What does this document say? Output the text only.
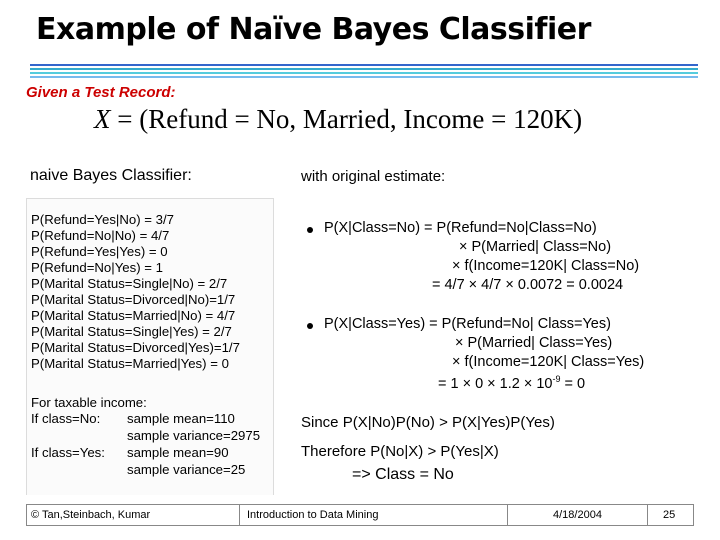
Example of Naïve Bayes Classifier
Given a Test Record:
X = (Refund = No, Married, Income = 120K)
naive Bayes Classifier:
P(Refund=Yes|No) = 3/7
P(Refund=No|No) = 4/7
P(Refund=Yes|Yes) = 0
P(Refund=No|Yes) = 1
P(Marital Status=Single|No) = 2/7
P(Marital Status=Divorced|No)=1/7
P(Marital Status=Married|No) = 4/7
P(Marital Status=Single|Yes) = 2/7
P(Marital Status=Divorced|Yes)=1/7
P(Marital Status=Married|Yes) = 0
For taxable income:
If class=No: sample mean=110
sample variance=2975
If class=Yes: sample mean=90
sample variance=25
with original estimate:
P(X|Class=No) = P(Refund=No|Class=No)
× P(Married| Class=No)
× f(Income=120K| Class=No)
= 4/7 × 4/7 × 0.0072 = 0.0024
P(X|Class=Yes) = P(Refund=No| Class=Yes)
× P(Married| Class=Yes)
× f(Income=120K| Class=Yes)
= $1 \times 0 \times 1.2 \times 10^{-9} = 0$
Since P(X|No)P(No) > P(X|Yes)P(Yes)
Therefore P(No|X) > P(Yes|X)
=> Class = No
© Tan,Steinbach, Kumar	Introduction to Data Mining	4/18/2004	25
